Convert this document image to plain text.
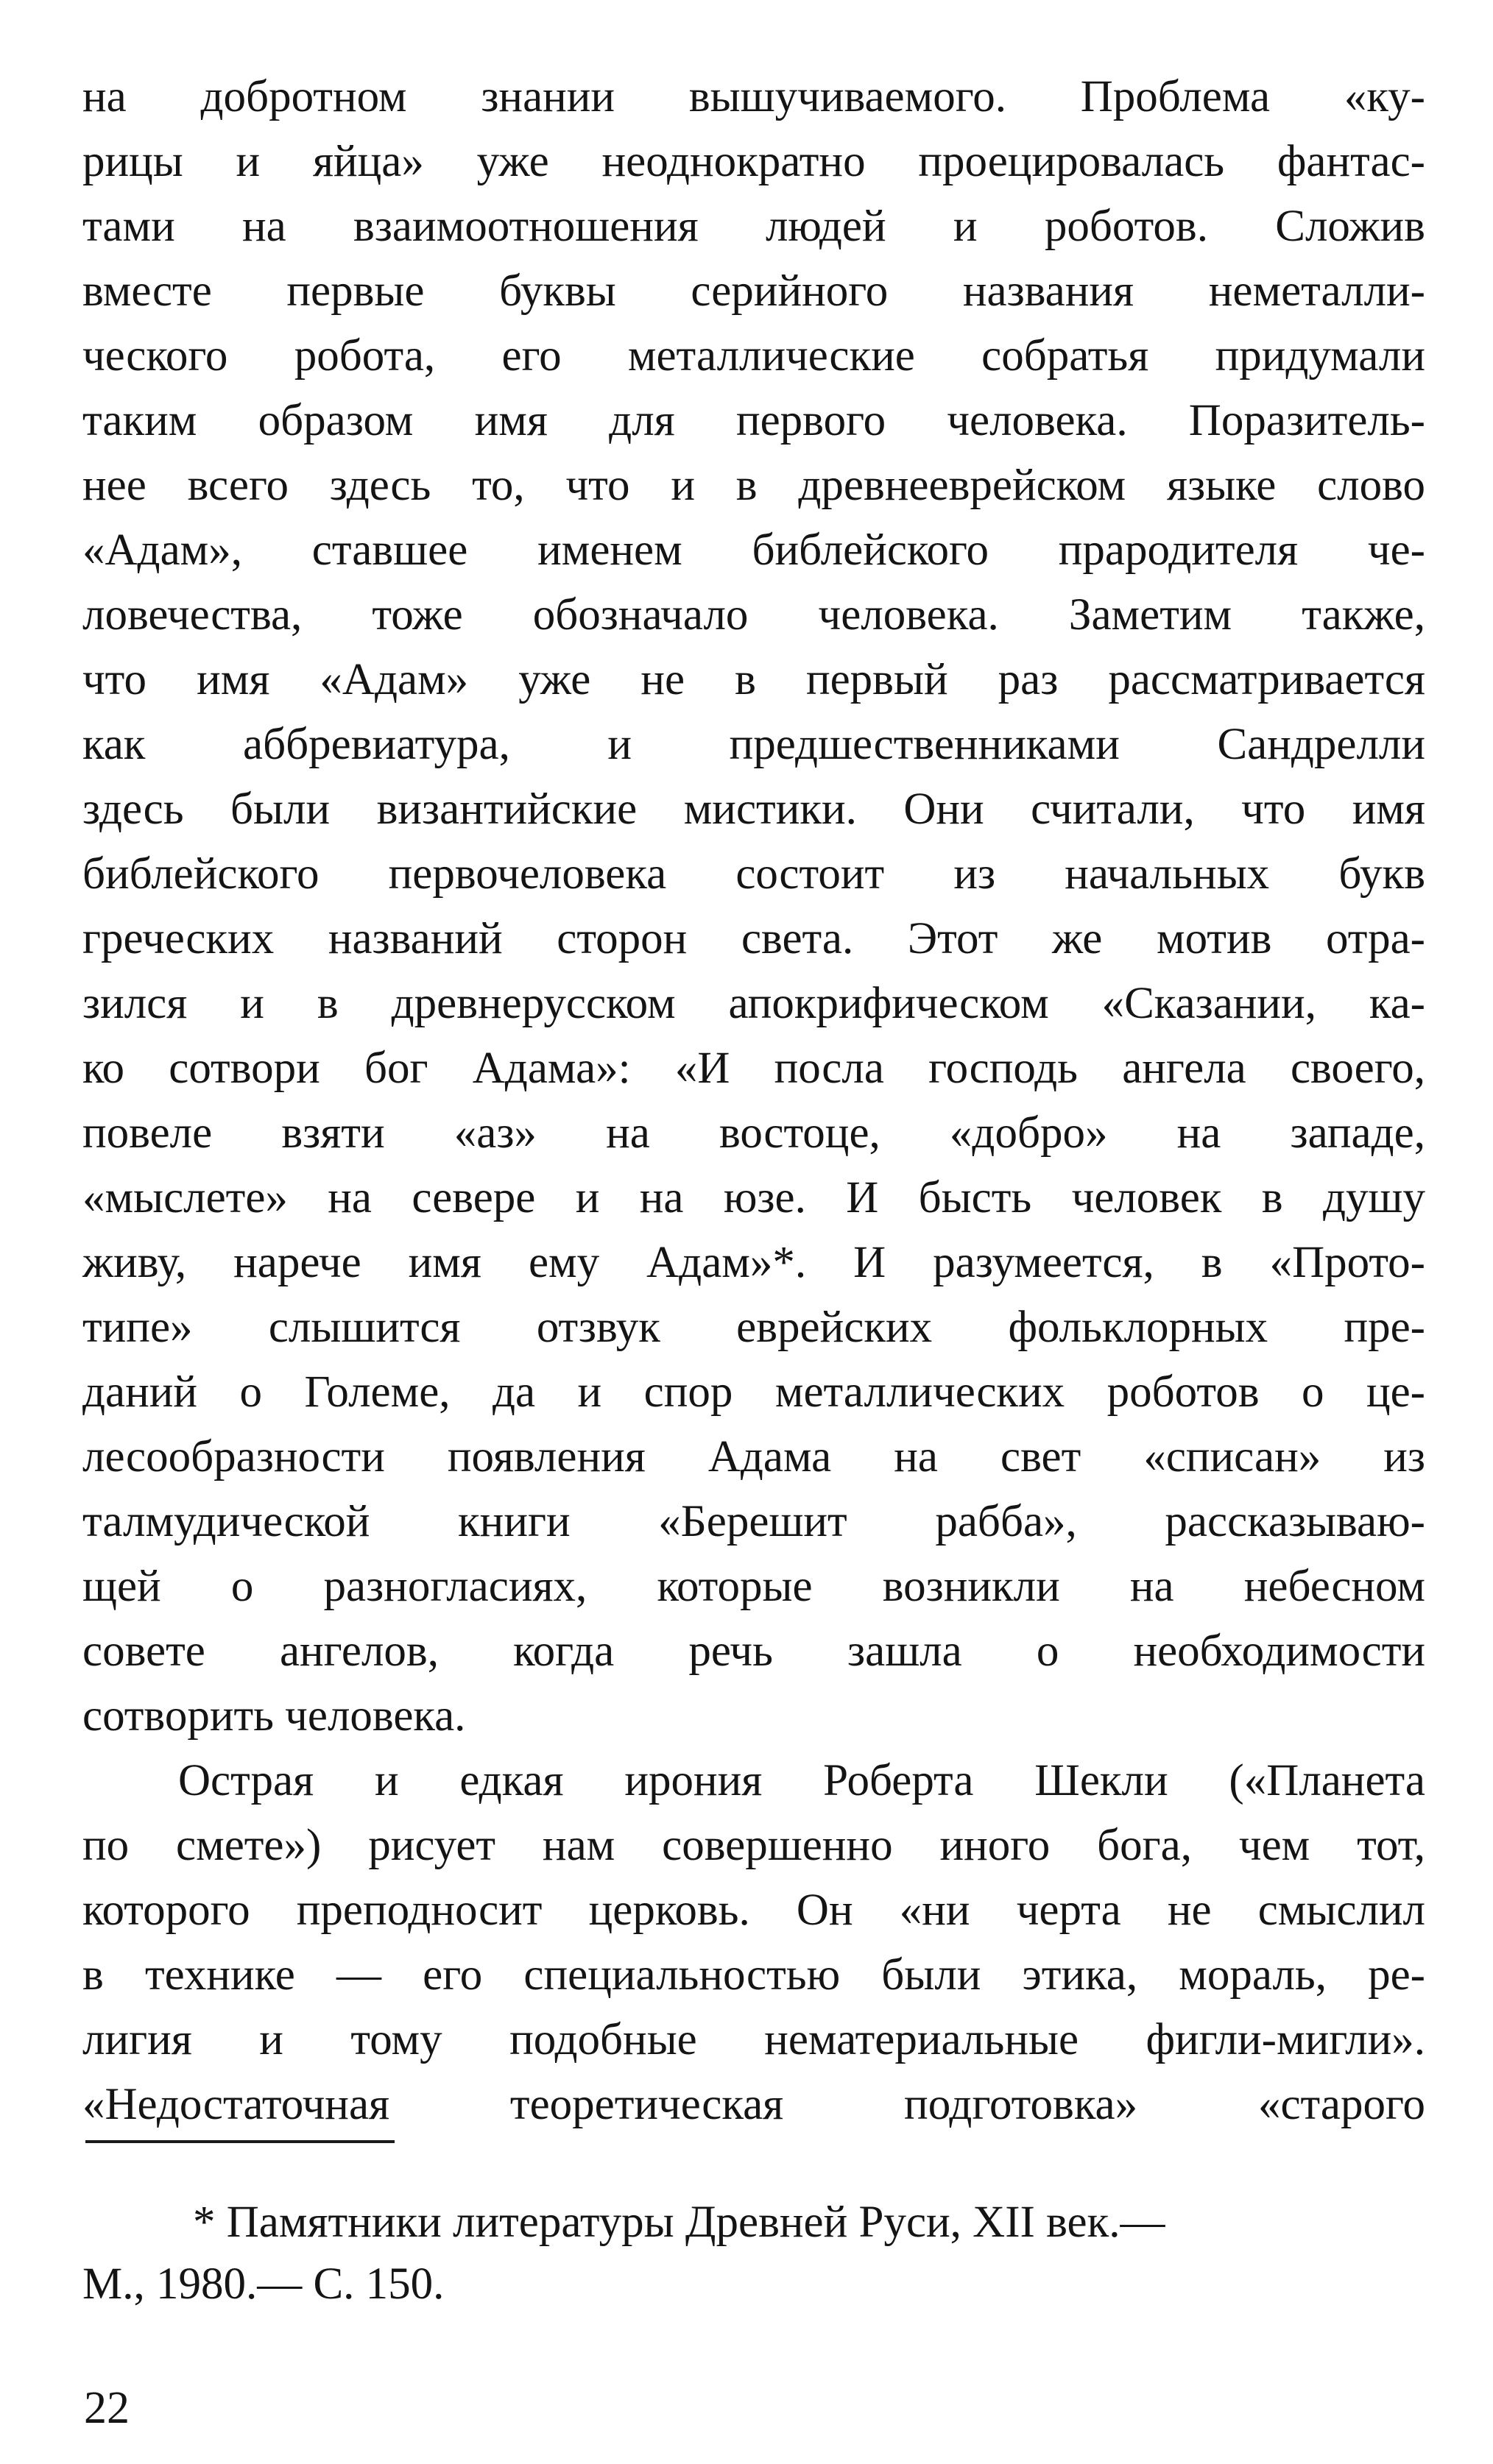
на добротном знании вышучиваемого. Проблема «ку-
рицы и яйца» уже неоднократно проецировалась фантас-
тами на взаимоотношения людей и роботов. Сложив
вместе первые буквы серийного названия неметалли-
ческого робота, его металлические собратья придумали
таким образом имя для первого человека. Поразитель-
нее всего здесь то, что и в древнееврейском языке слово
«Адам», ставшее именем библейского прародителя че-
ловечества, тоже обозначало человека. Заметим также,
что имя «Адам» уже не в первый раз рассматривается
как аббревиатура, и предшественниками Сандрелли
здесь были византийские мистики. Они считали, что имя
библейского первочеловека состоит из начальных букв
греческих названий сторон света. Этот же мотив отра-
зился и в древнерусском апокрифическом «Сказании, ка-
ко сотвори бог Адама»: «И посла господь ангела своего,
повеле взяти «аз» на востоце, «добро» на западе,
«мыслете» на севере и на юзе. И бысть человек в душу
живу, нарече имя ему Адам»*. И разумеется, в «Прото-
типе» слышится отзвук еврейских фольклорных пре-
даний о Големе, да и спор металлических роботов о це-
лесообразности появления Адама на свет «списан» из
талмудической книги «Берешит рабба», рассказываю-
щей о разногласиях, которые возникли на небесном
совете ангелов, когда речь зашла о необходимости
сотворить человека.
Острая и едкая ирония Роберта Шекли («Планета
по смете») рисует нам совершенно иного бога, чем тот,
которого преподносит церковь. Он «ни черта не смыслил
в технике — его специальностью были этика, мораль, ре-
лигия и тому подобные нематериальные фигли-мигли».
«Недостаточная теоретическая подготовка» «старого
* Памятники литературы Древней Руси, XII век.—
М., 1980.— С. 150.
22
